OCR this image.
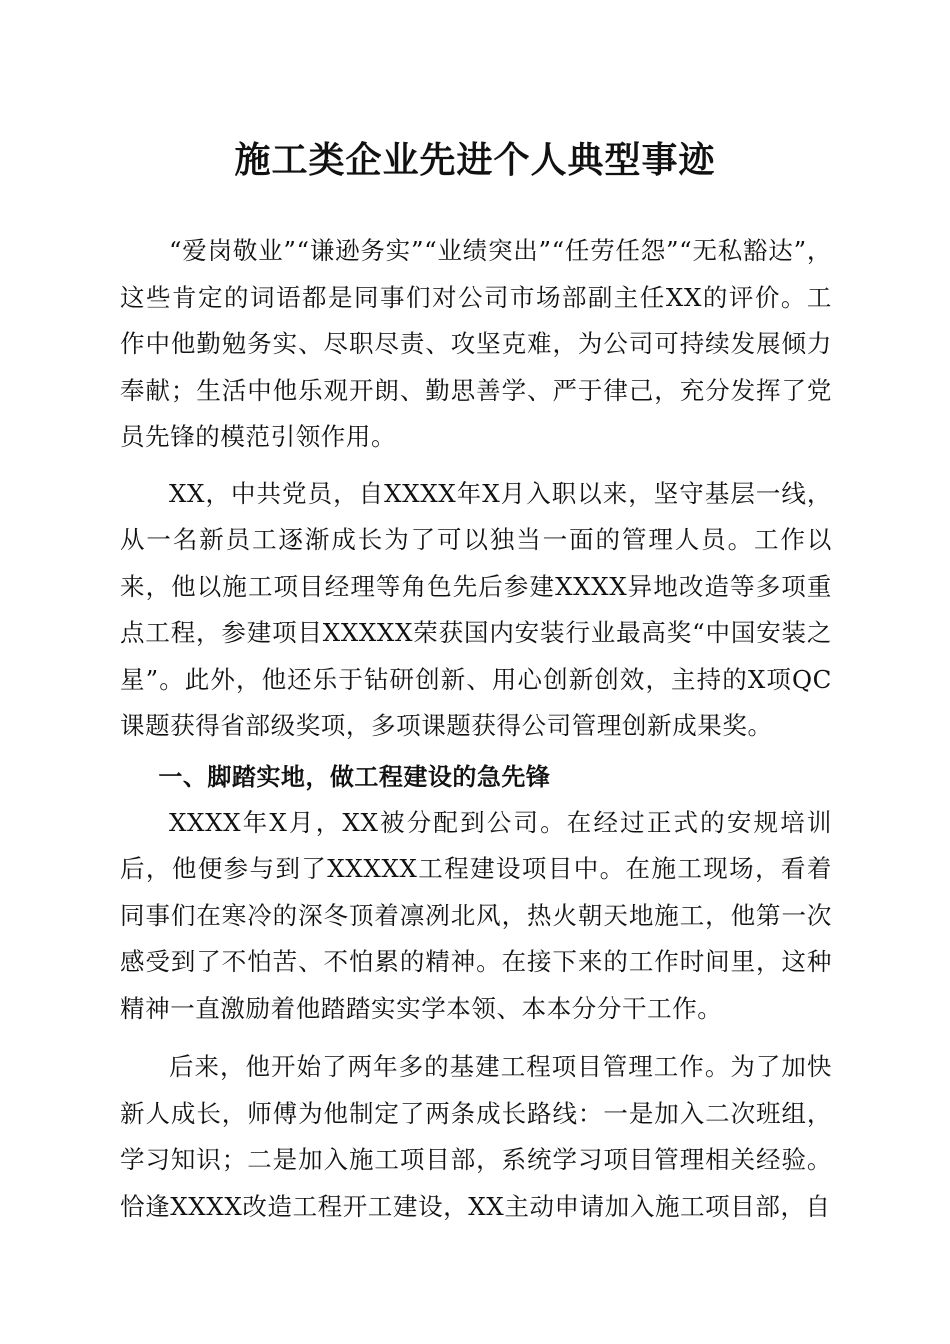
施工类企业先进个人典型事迹

“爱岗敬业”“谦逊务实”“业绩突出”“任劳任怨”“无私豁达”，这些肯定的词语都是同事们对公司市场部副主任XX的评价。工作中他勤勉务实、尽职尽责、攻坚克难，为公司可持续发展倾力奉献；生活中他乐观开朗、勤思善学、严于律己，充分发挥了党员先锋的模范引领作用。

XX，中共党员，自XXXX年X月入职以来，坚守基层一线，从一名新员工逐渐成长为了可以独当一面的管理人员。工作以来，他以施工项目经理等角色先后参建XXXX异地改造等多项重点工程，参建项目XXXXX荣获国内安装行业最高奖“中国安装之星”。此外，他还乐于钻研创新、用心创新创效，主持的X项QC课题获得省部级奖项，多项课题获得公司管理创新成果奖。

一、脚踏实地，做工程建设的急先锋

XXXX年X月，XX被分配到公司。在经过正式的安规培训后，他便参与到了XXXXX工程建设项目中。在施工现场，看着同事们在寒冷的深冬顶着凛冽北风，热火朝天地施工，他第一次感受到了不怕苦、不怕累的精神。在接下来的工作时间里，这种精神一直激励着他踏踏实实学本领、本本分分干工作。

后来，他开始了两年多的基建工程项目管理工作。为了加快新人成长，师傅为他制定了两条成长路线：一是加入二次班组，学习知识；二是加入施工项目部，系统学习项目管理相关经验。恰逢XXXX改造工程开工建设，XX主动申请加入施工项目部，自
